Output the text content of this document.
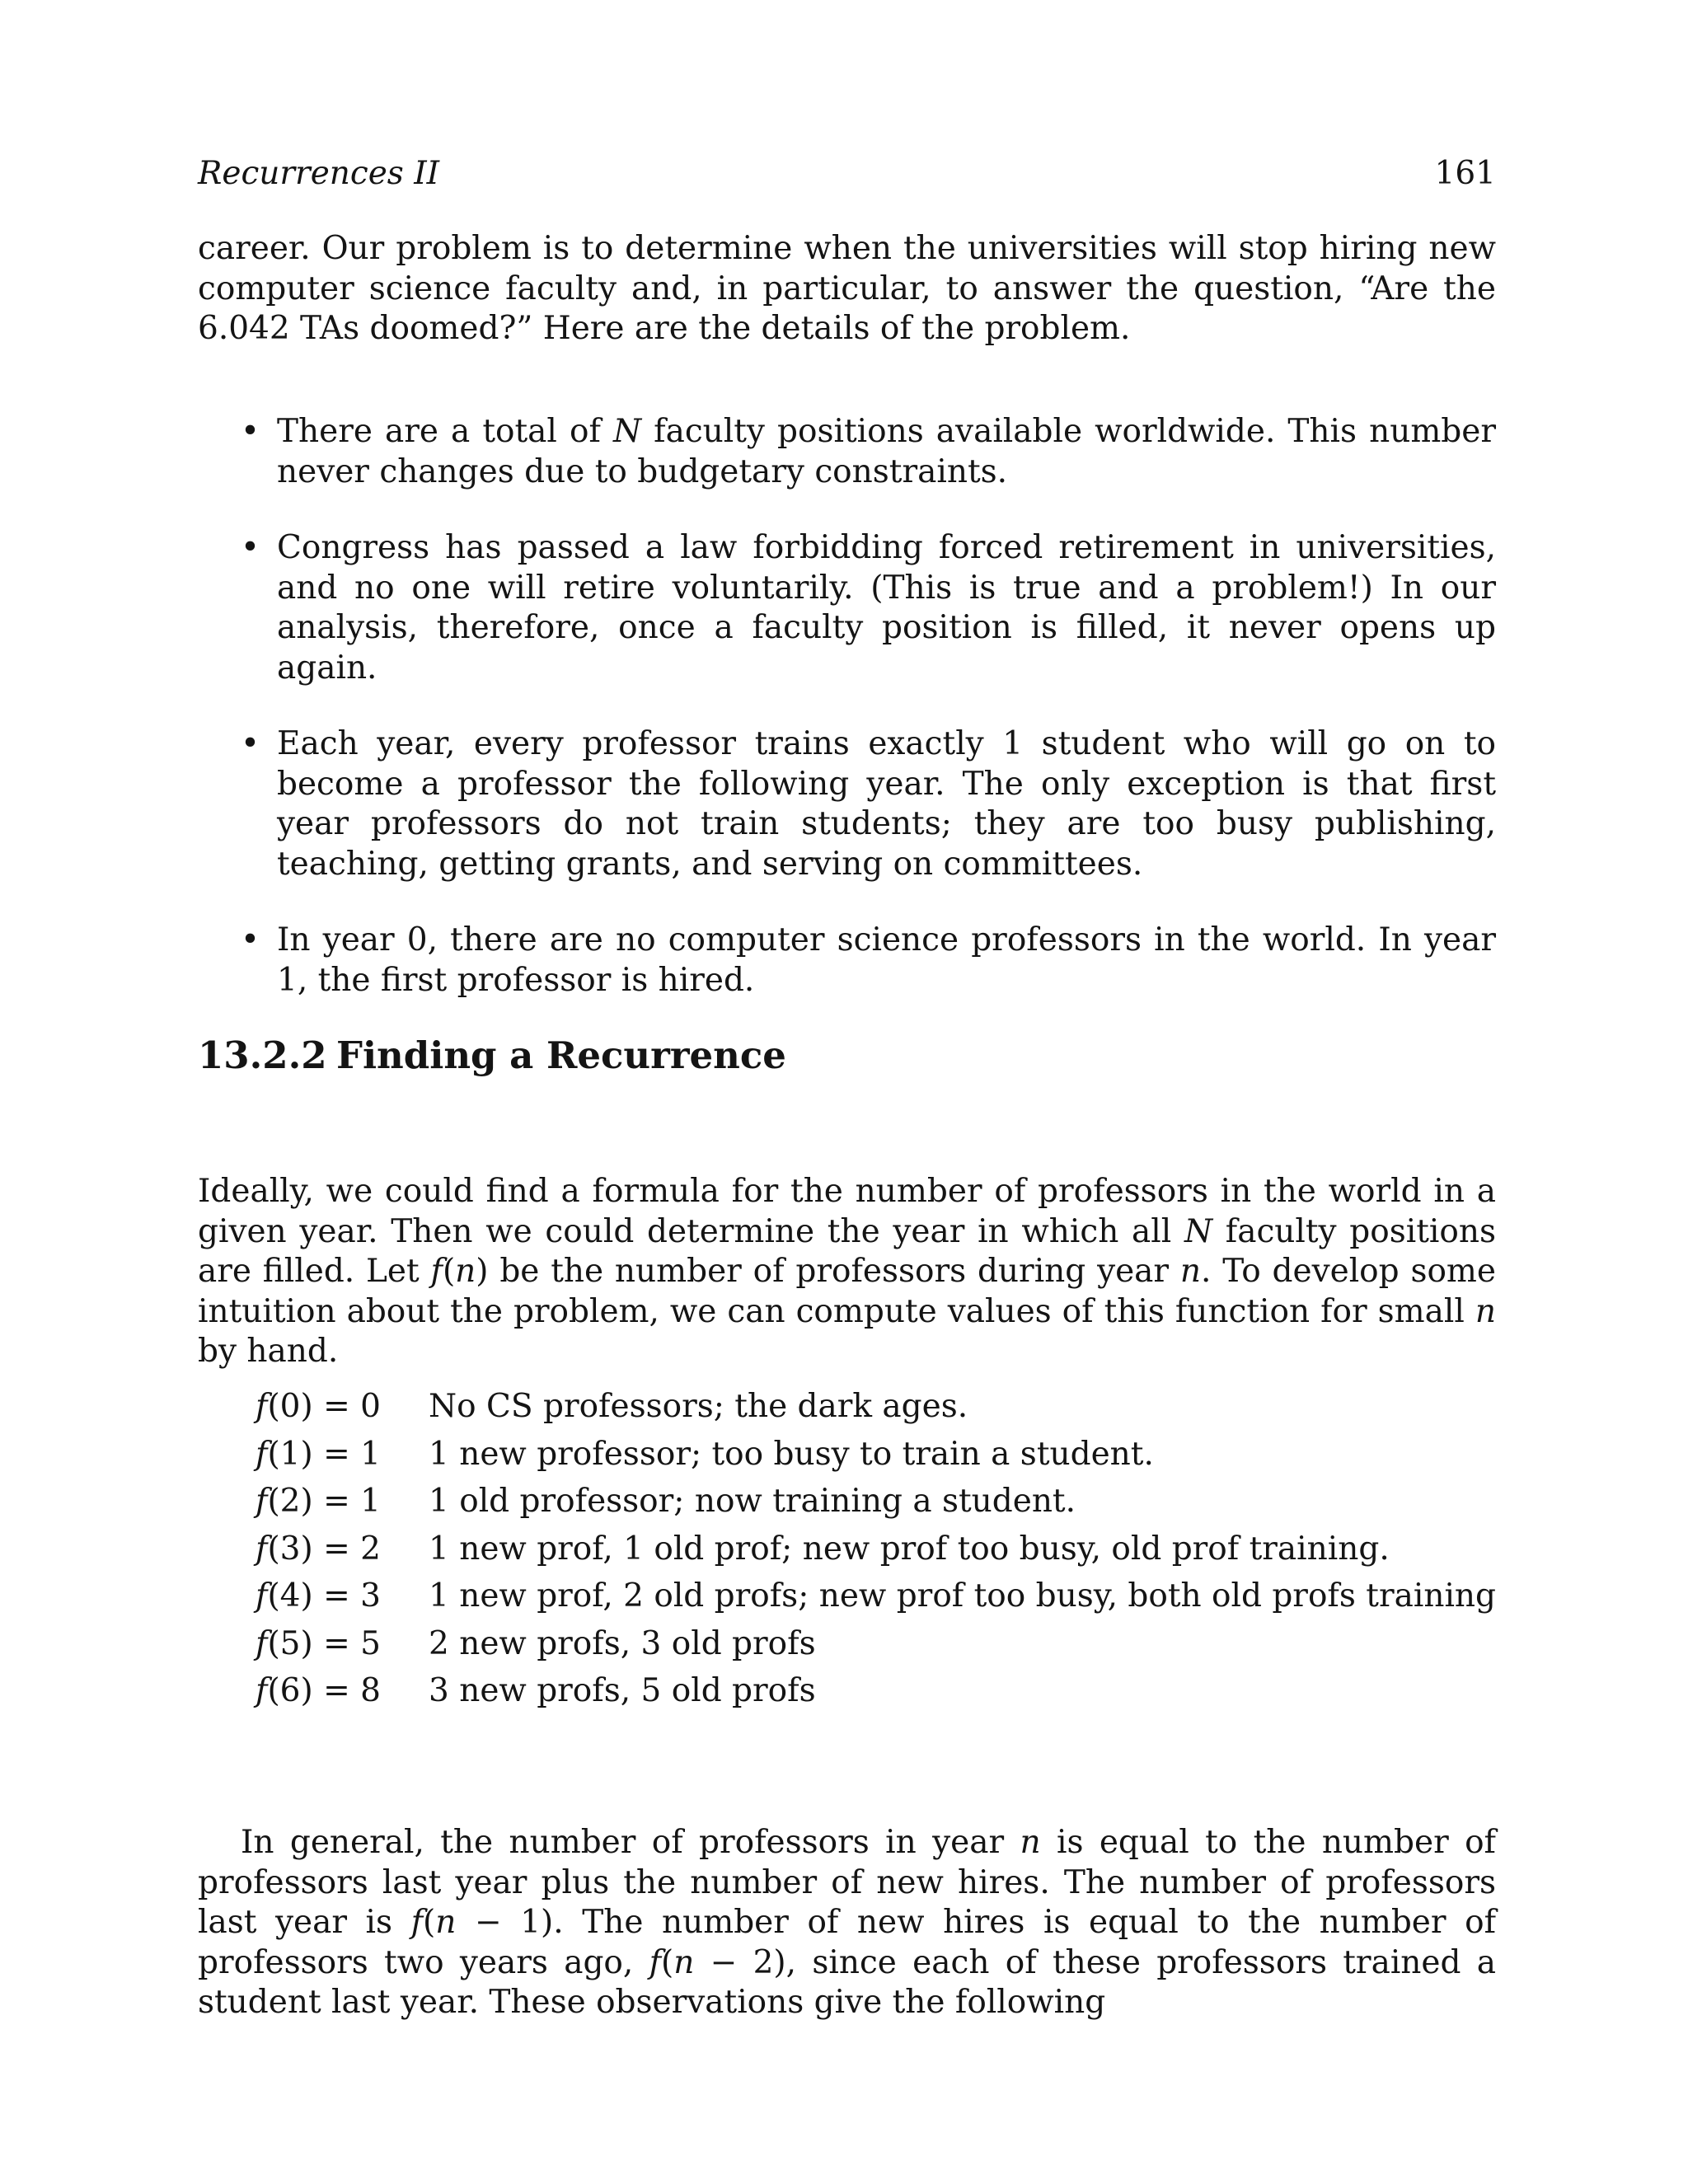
Recurrences II	161

career. Our problem is to determine when the universities will stop hiring new computer science faculty and, in particular, to answer the question, “Are the 6.042 TAs doomed?” Here are the details of the problem.

• There are a total of N faculty positions available worldwide. This number never changes due to budgetary constraints.
• Congress has passed a law forbidding forced retirement in universities, and no one will retire voluntarily. (This is true and a problem!) In our analysis, therefore, once a faculty position is filled, it never opens up again.
• Each year, every professor trains exactly 1 student who will go on to become a professor the following year. The only exception is that first year professors do not train students; they are too busy publishing, teaching, getting grants, and serving on committees.
• In year 0, there are no computer science professors in the world. In year 1, the first professor is hired.
13.2.2 Finding a Recurrence

Ideally, we could find a formula for the number of professors in the world in a given year. Then we could determine the year in which all N faculty positions are filled. Let f(n) be the number of professors during year n. To develop some intuition about the problem, we can compute values of this function for small n by hand.

f(0) = 0	No CS professors; the dark ages.
f(1) = 1	1 new professor; too busy to train a student.
f(2) = 1	1 old professor; now training a student.
f(3) = 2	1 new prof, 1 old prof; new prof too busy, old prof training.
f(4) = 3	1 new prof, 2 old profs; new prof too busy, both old profs training
f(5) = 5	2 new profs, 3 old profs
f(6) = 8	3 new profs, 5 old profs

In general, the number of professors in year n is equal to the number of professors last year plus the number of new hires. The number of professors last year is f(n − 1). The number of new hires is equal to the number of professors two years ago, f(n − 2), since each of these professors trained a student last year. These observations give the following
